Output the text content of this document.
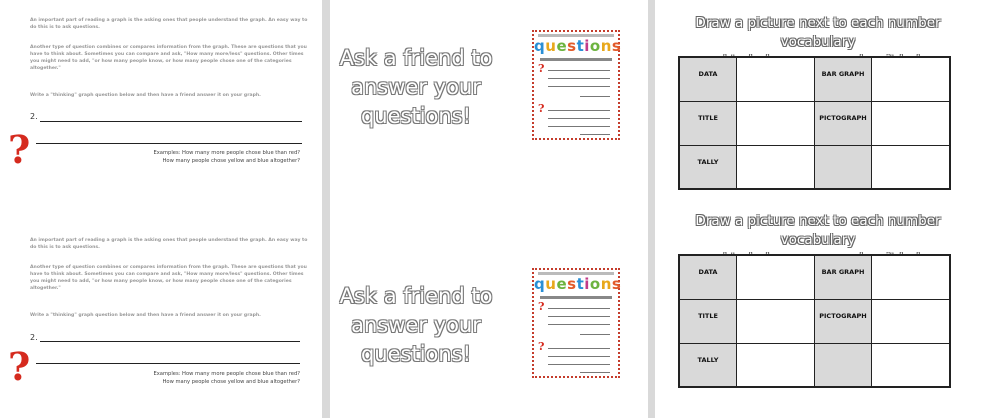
An important part of reading a graph is the asking ones that people understand the graph. An easy way to do this is to ask questions.
Another type of question combines or compares information from the graph. These are questions that you have to think about. Sometimes you can compare and ask, "How many more/less" questions. Other times you might need to add, "or how many people know, or how many people chose one of the categories altogether."
Write a "thinking" graph question below and then have a friend answer it on your graph.
2.
?	Examples: How many more people chose blue than red?
How many people chose yellow and blue altogether?
An important part of reading a graph is the asking ones that people understand the graph. An easy way to do this is to ask questions.
Another type of question combines or compares information from the graph. These are questions that you have to think about. Sometimes you can compare and ask, "How many more/less" questions. Other times you might need to add, "or how many people know, or how many people chose one of the categories altogether."
Write a "thinking" graph question below and then have a friend answer it on your graph.
2.
?	Examples: How many more people chose blue than red?
How many people chose yellow and blue altogether?
Ask a friend to
answer your
questions!
questions
?
?
Ask a friend to
answer your
questions!
questions
?
?
Draw a picture next to each number vocabulary
DATA		BAR GRAPH	
TITLE		PICTOGRAPH	
TALLY			
Draw a picture next to each number vocabulary
DATA		BAR GRAPH	
TITLE		PICTOGRAPH	
TALLY			
